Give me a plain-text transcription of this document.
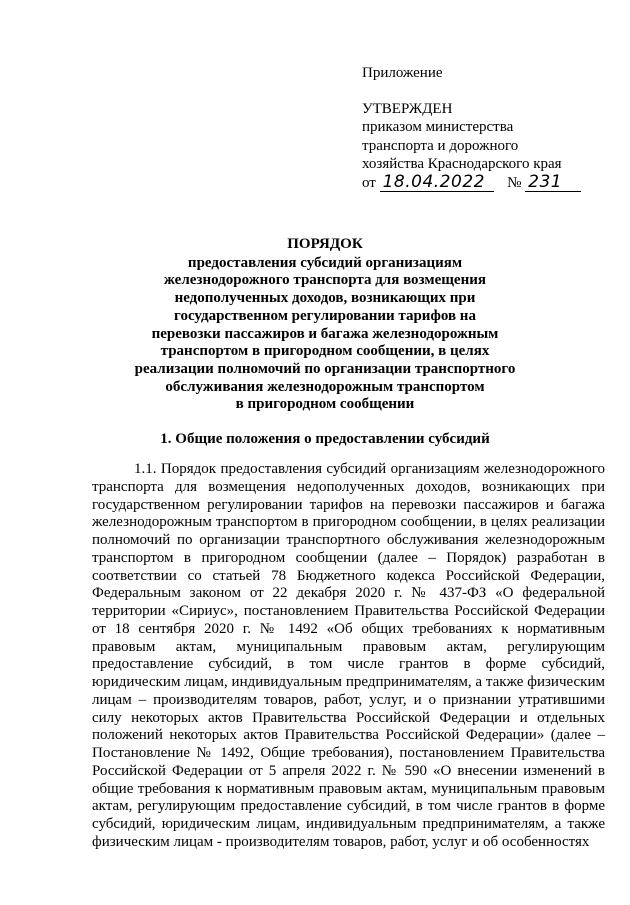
Приложение
УТВЕРЖДЕН
приказом министерства
транспорта и дорожного
хозяйства Краснодарского края
от 18.04.2022 № 231
ПОРЯДОК
предоставления субсидий организациям
железнодорожного транспорта для возмещения
недополученных доходов, возникающих при
государственном регулировании тарифов на
перевозки пассажиров и багажа железнодорожным
транспортом в пригородном сообщении, в целях
реализации полномочий по организации транспортного
обслуживания железнодорожным транспортом
в пригородном сообщении
1. Общие положения о предоставлении субсидий
1.1. Порядок предоставления субсидий организациям железнодорожного транспорта для возмещения недополученных доходов, возникающих при государственном регулировании тарифов на перевозки пассажиров и багажа железнодорожным транспортом в пригородном сообщении, в целях реализации полномочий по организации транспортного обслуживания железнодорожным транспортом в пригородном сообщении (далее – Порядок) разработан в соответствии со статьей 78 Бюджетного кодекса Российской Федерации, Федеральным законом от 22 декабря 2020 г. № 437-ФЗ «О федеральной территории «Сириус», постановлением Правительства Российской Федерации от 18 сентября 2020 г. № 1492 «Об общих требованиях к нормативным правовым актам, муниципальным правовым актам, регулирующим предоставление субсидий, в том числе грантов в форме субсидий, юридическим лицам, индивидуальным предпринимателям, а также физическим лицам – производителям товаров, работ, услуг, и о признании утратившими силу некоторых актов Правительства Российской Федерации и отдельных положений некоторых актов Правительства Российской Федерации» (далее – Постановление № 1492, Общие требования), постановлением Правительства Российской Федерации от 5 апреля 2022 г. № 590 «О внесении изменений в общие требования к нормативным правовым актам, муниципальным правовым актам, регулирующим предоставление субсидий, в том числе грантов в форме субсидий, юридическим лицам, индивидуальным предпринимателям, а также физическим лицам - производителям товаров, работ, услуг и об особенностях
